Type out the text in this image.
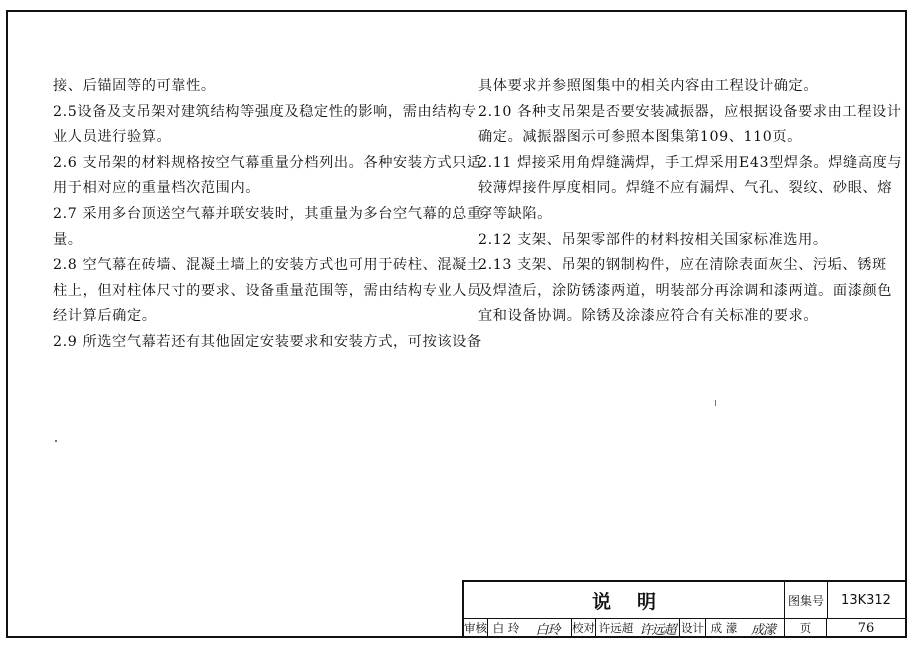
接、后锚固等的可靠性。

2.5设备及支吊架对建筑结构等强度及稳定性的影响，需由结构专

业人员进行验算。

2.6 支吊架的材料规格按空气幕重量分档列出。各种安装方式只适

用于相对应的重量档次范围内。

2.7 采用多台顶送空气幕并联安装时，其重量为多台空气幕的总重

量。

2.8 空气幕在砖墙、混凝土墙上的安装方式也可用于砖柱、混凝土

柱上，但对柱体尺寸的要求、设备重量范围等，需由结构专业人员

经计算后确定。

2.9 所选空气幕若还有其他固定安装要求和安装方式，可按该设备

具体要求并参照图集中的相关内容由工程设计确定。

2.10 各种支吊架是否要安装减振器，应根据设备要求由工程设计

确定。减振器图示可参照本图集第109、110页。

2.11 焊接采用角焊缝满焊，手工焊采用E43型焊条。焊缝高度与

较薄焊接件厚度相同。焊缝不应有漏焊、气孔、裂纹、砂眼、熔

穿等缺陷。

2.12 支架、吊架零部件的材料按相关国家标准选用。

2.13 支架、吊架的钢制构件，应在清除表面灰尘、污垢、锈斑

及焊渣后，涂防锈漆两道，明装部分再涂调和漆两道。面漆颜色

宜和设备协调。除锈及涂漆应符合有关标准的要求。

说明	图集号	13K312
审核 白 玲	白玲	校对 许远超 许远超 设计 成 濛	成濛	页	76
